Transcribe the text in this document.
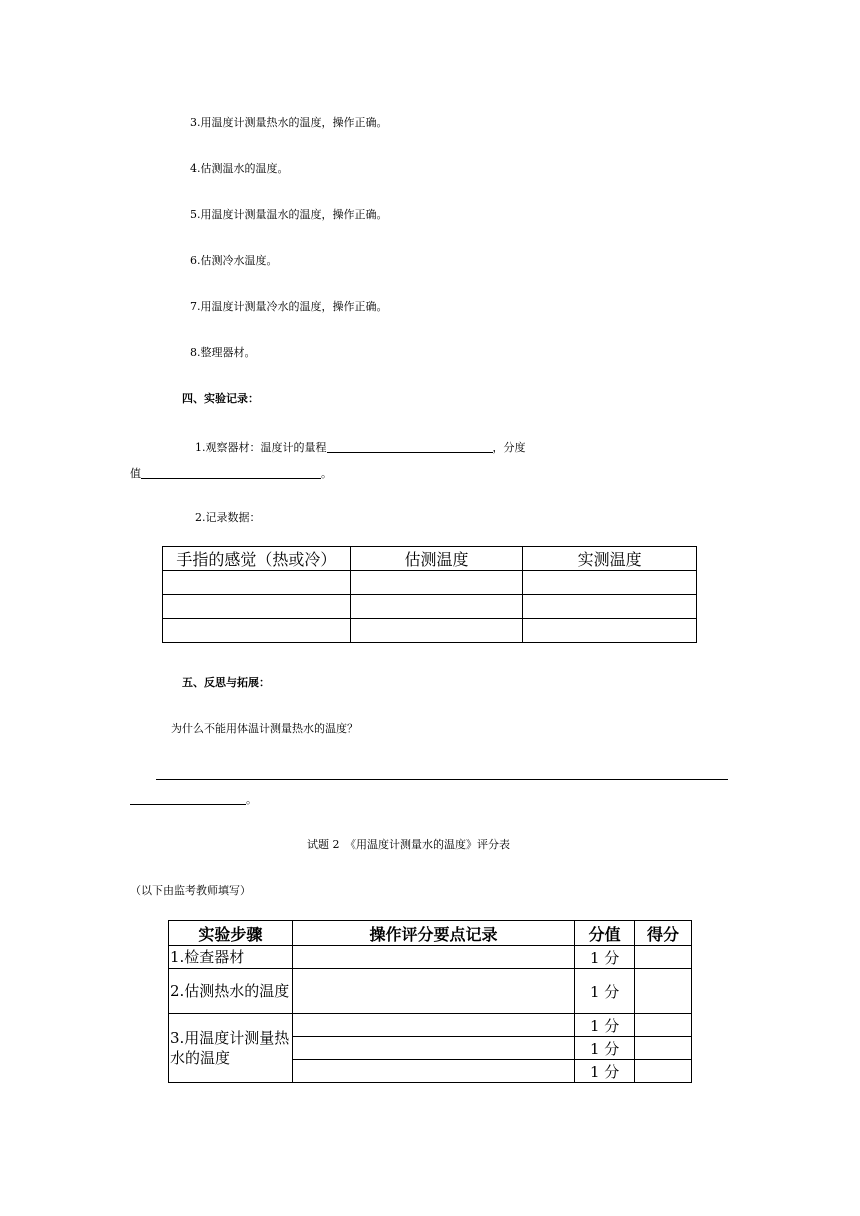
3.用温度计测量热水的温度，操作正确。
4.估测温水的温度。
5.用温度计测量温水的温度，操作正确。
6.估测冷水温度。
7.用温度计测量冷水的温度，操作正确。
8.整理器材。
四、实验记录：
1.观察器材：温度计的量程	，分度
值	。
2.记录数据：
手指的感觉（热或冷）	估测温度	实测温度

五、反思与拓展：
为什么不能用体温计测量热水的温度？
。
试题 2　《用温度计测量水的温度》评分表
（以下由监考教师填写）
实验步骤	操作评分要点记录	分值	得分
1.检查器材		1 分	
2.估测热水的温度		1 分	
3.用温度计测量热水的温度		1 分	
		1 分	
		1 分	
